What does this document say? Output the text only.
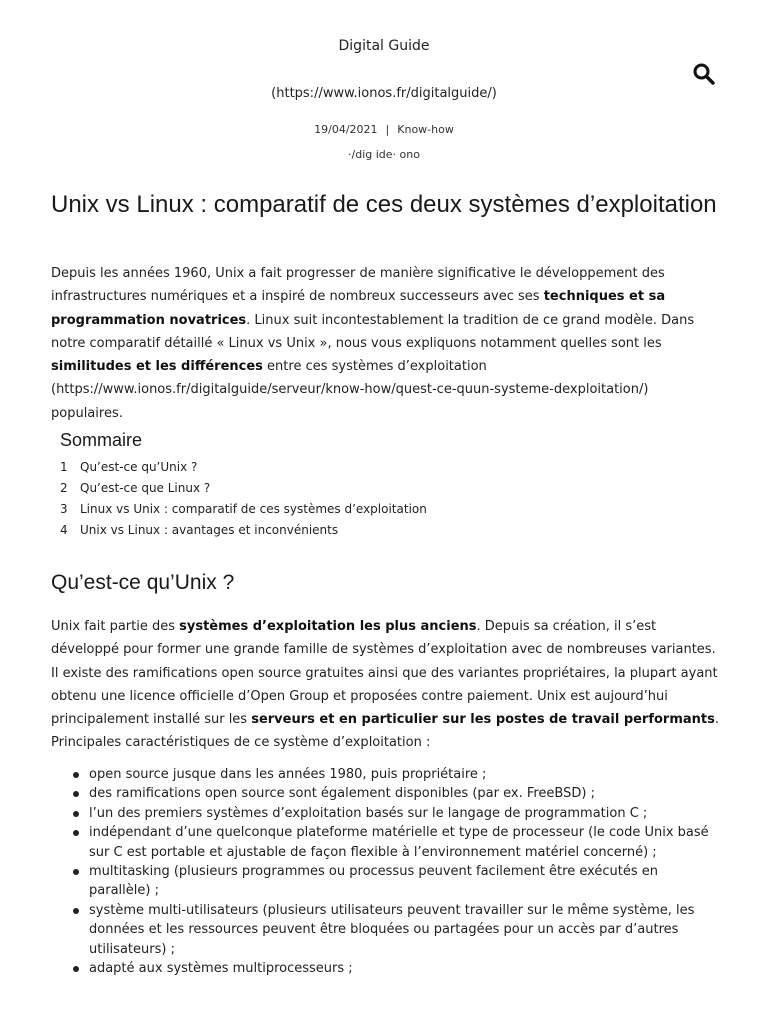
Digital Guide
(https://www.ionos.fr/digitalguide/)
19/04/2021 | Know-how
·/dig ide· ono
Unix vs Linux : comparatif de ces deux systèmes d’exploitation

Depuis les années 1960, Unix a fait progresser de manière significative le développement des infrastructures numériques et a inspiré de nombreux successeurs avec ses techniques et sa programmation novatrices. Linux suit incontestablement la tradition de ce grand modèle. Dans notre comparatif détaillé « Linux vs Unix », nous vous expliquons notamment quelles sont les similitudes et les différences entre ces systèmes d’exploitation (https://www.ionos.fr/digitalguide/serveur/know-how/quest-ce-quun-systeme-dexploitation/) populaires.

Sommaire
1	Qu’est-ce qu’Unix ?
2	Qu’est-ce que Linux ?
3	Linux vs Unix : comparatif de ces systèmes d’exploitation
4	Unix vs Linux : avantages et inconvénients
Qu’est-ce qu’Unix ?

Unix fait partie des systèmes d’exploitation les plus anciens. Depuis sa création, il s’est développé pour former une grande famille de systèmes d’exploitation avec de nombreuses variantes. Il existe des ramifications open source gratuites ainsi que des variantes propriétaires, la plupart ayant obtenu une licence officielle d’Open Group et proposées contre paiement. Unix est aujourd’hui principalement installé sur les serveurs et en particulier sur les postes de travail performants. Principales caractéristiques de ce système d’exploitation :

open source jusque dans les années 1980, puis propriétaire ;
des ramifications open source sont également disponibles (par ex. FreeBSD) ;
l’un des premiers systèmes d’exploitation basés sur le langage de programmation C ;
indépendant d’une quelconque plateforme matérielle et type de processeur (le code Unix basé sur C est portable et ajustable de façon flexible à l’environnement matériel concerné) ;
multitasking (plusieurs programmes ou processus peuvent facilement être exécutés en parallèle) ;
système multi-utilisateurs (plusieurs utilisateurs peuvent travailler sur le même système, les données et les ressources peuvent être bloquées ou partagées pour un accès par d’autres utilisateurs) ;
adapté aux systèmes multiprocesseurs ;
